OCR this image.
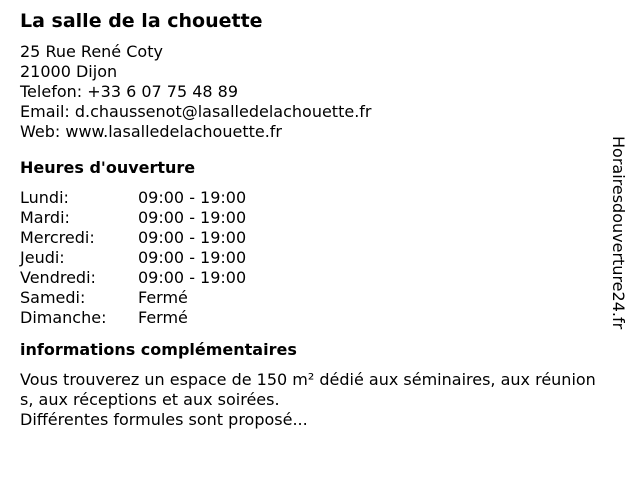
La salle de la chouette
25 Rue René Coty
21000 Dijon
Telefon: +33 6 07 75 48 89
Email: d.chaussenot@lasalledelachouette.fr
Web: www.lasalledelachouette.fr
Heures d'ouverture
Lundi:	09:00 - 19:00
Mardi:	09:00 - 19:00
Mercredi:	09:00 - 19:00
Jeudi:	09:00 - 19:00
Vendredi:	09:00 - 19:00
Samedi:	Fermé
Dimanche:	Fermé
informations complémentaires
Vous trouverez un espace de 150 m² dédié aux séminaires, aux réunions, aux réceptions et aux soirées.
Différentes formules sont proposé...
Horairesdouverture24.fr
